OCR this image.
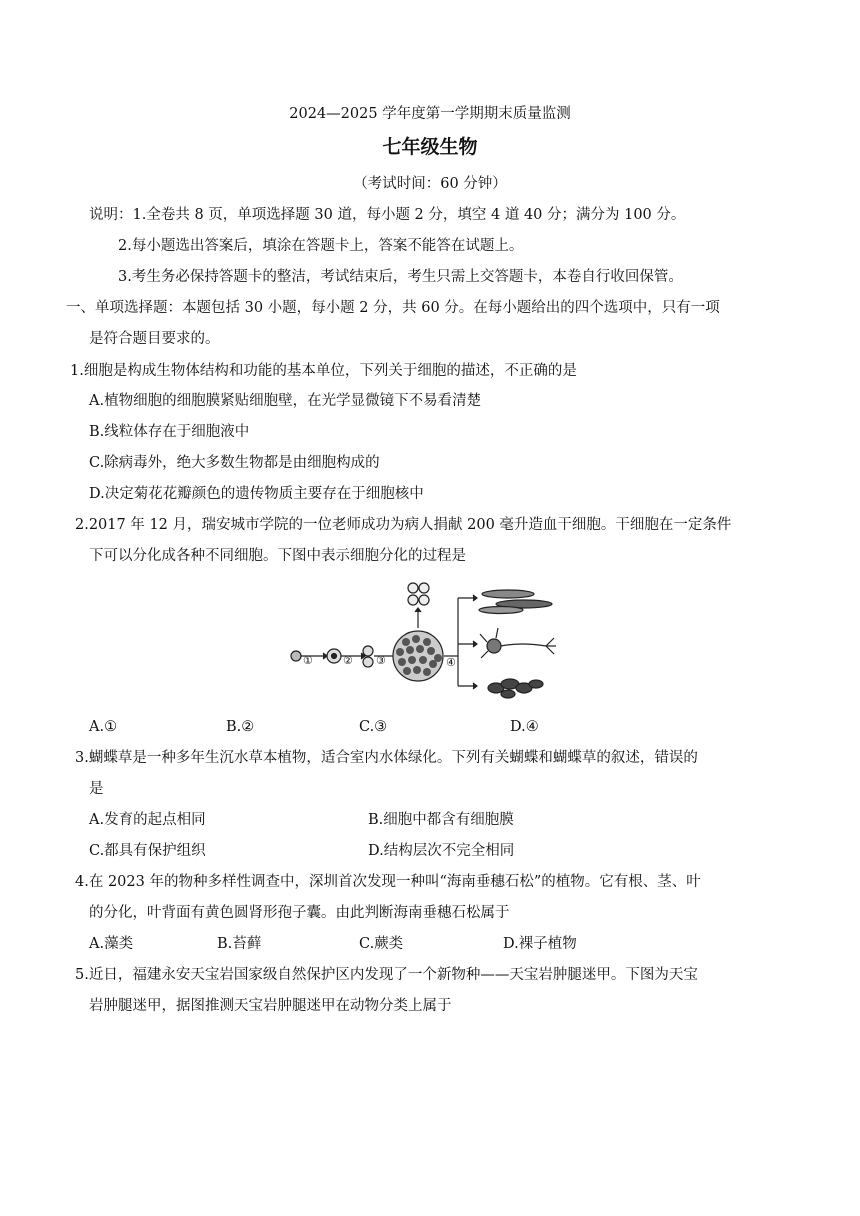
2024—2025 学年度第一学期期末质量监测
七年级生物
（考试时间：60 分钟）
说明：1.全卷共 8 页，单项选择题 30 道，每小题 2 分，填空 4 道 40 分；满分为 100 分。
2.每小题选出答案后，填涂在答题卡上，答案不能答在试题上。
3.考生务必保持答题卡的整洁，考试结束后，考生只需上交答题卡，本卷自行收回保管。
一、单项选择题：本题包括 30 小题，每小题 2 分，共 60 分。在每小题给出的四个选项中，只有一项
是符合题目要求的。
1.细胞是构成生物体结构和功能的基本单位，下列关于细胞的描述，不正确的是
A.植物细胞的细胞膜紧贴细胞壁，在光学显微镜下不易看清楚
B.线粒体存在于细胞液中
C.除病毒外，绝大多数生物都是由细胞构成的
D.决定菊花花瓣颜色的遗传物质主要存在于细胞核中
2.2017 年 12 月，瑞安城市学院的一位老师成功为病人捐献 200 毫升造血干细胞。干细胞在一定条件
下可以分化成各种不同细胞。下图中表示细胞分化的过程是
①	② ③	④
A.①	B.②	C.③	D.④
3.蝴蝶草是一种多年生沉水草本植物，适合室内水体绿化。下列有关蝴蝶和蝴蝶草的叙述，错误的
是
A.发育的起点相同	B.细胞中都含有细胞膜
C.都具有保护组织	D.结构层次不完全相同
4.在 2023 年的物种多样性调查中，深圳首次发现一种叫“海南垂穗石松”的植物。它有根、茎、叶
的分化，叶背面有黄色圆肾形孢子囊。由此判断海南垂穗石松属于
A.藻类	B.苔藓	C.蕨类	D.裸子植物
5.近日，福建永安天宝岩国家级自然保护区内发现了一个新物种——天宝岩肿腿迷甲。下图为天宝
岩肿腿迷甲，据图推测天宝岩肿腿迷甲在动物分类上属于
